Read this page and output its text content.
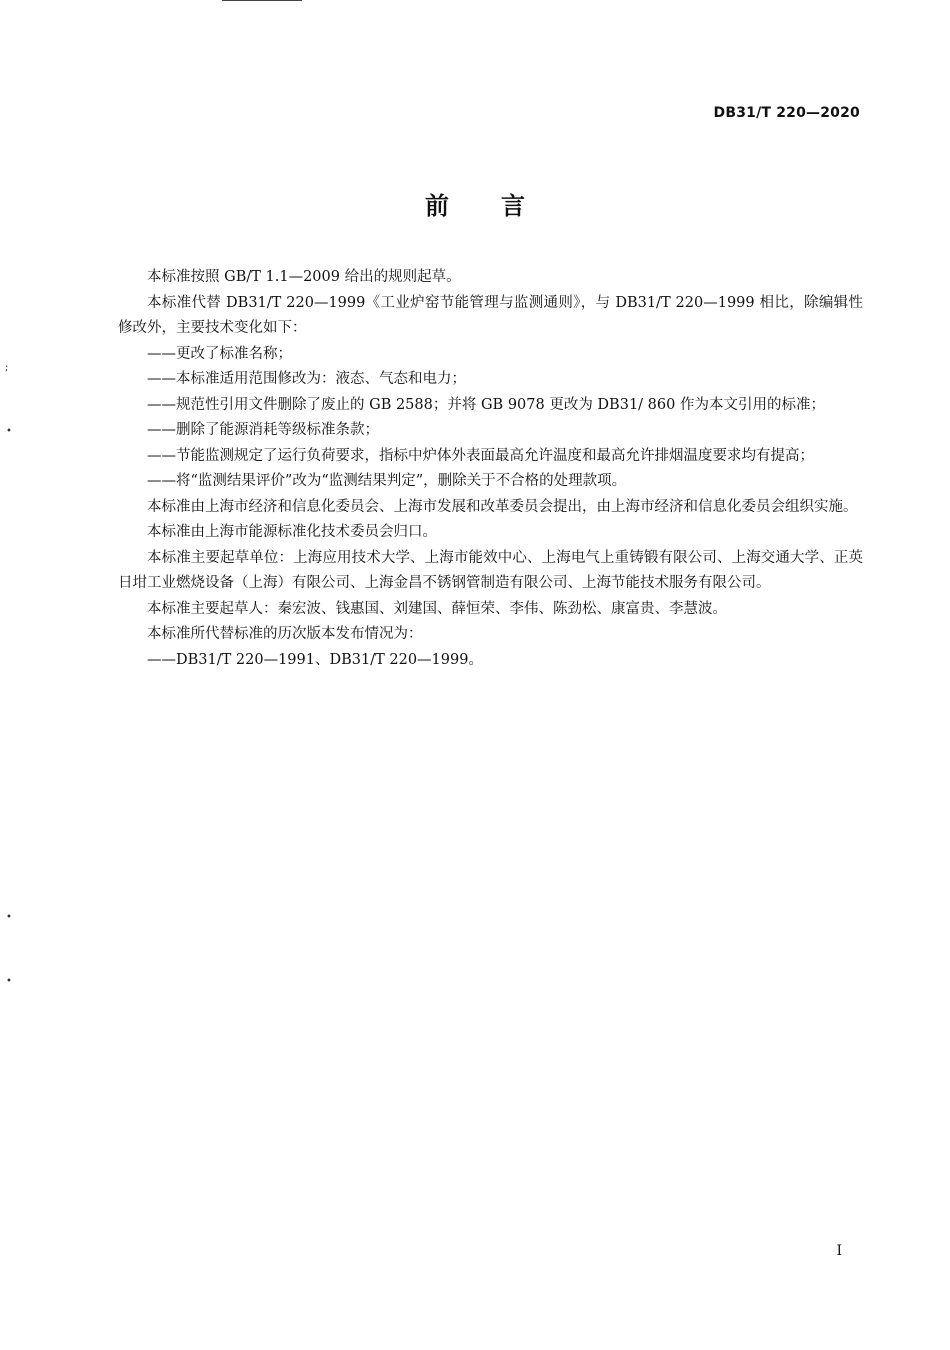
DB31/T 220—2020
前 言

本标准按照 GB/T 1.1—2009 给出的规则起草。

本标准代替 DB31/T 220—1999《工业炉窑节能管理与监测通则》，与 DB31/T 220—1999 相比，除编辑性修改外，主要技术变化如下：

——更改了标准名称；

——本标准适用范围修改为：液态、气态和电力；

——规范性引用文件删除了废止的 GB 2588；并将 GB 9078 更改为 DB31/ 860 作为本文引用的标准；

——删除了能源消耗等级标准条款；

——节能监测规定了运行负荷要求，指标中炉体外表面最高允许温度和最高允许排烟温度要求均有提高；

——将“监测结果评价”改为“监测结果判定”，删除关于不合格的处理款项。

本标准由上海市经济和信息化委员会、上海市发展和改革委员会提出，由上海市经济和信息化委员会组织实施。

本标准由上海市能源标准化技术委员会归口。

本标准主要起草单位：上海应用技术大学、上海市能效中心、上海电气上重铸锻有限公司、上海交通大学、正英日坩工业燃烧设备（上海）有限公司、上海金昌不锈钢管制造有限公司、上海节能技术服务有限公司。

本标准主要起草人：秦宏波、钱惠国、刘建国、薛恒荣、李伟、陈劲松、康富贵、李慧波。

本标准所代替标准的历次版本发布情况为：

——DB31/T 220—1991、DB31/T 220—1999。

;
•
•
•
I
